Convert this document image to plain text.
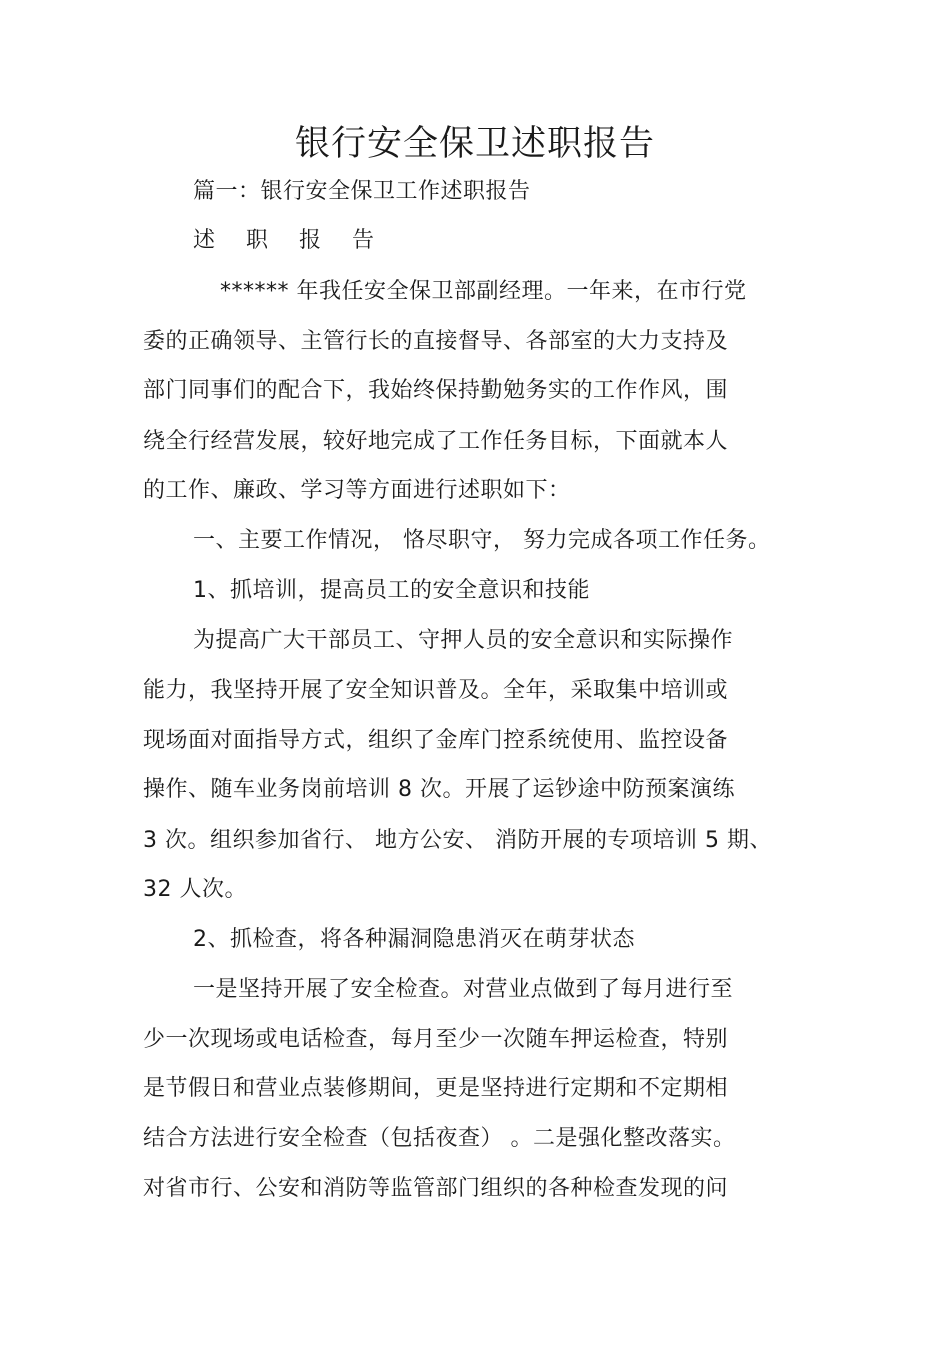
银行安全保卫述职报告
篇一：银行安全保卫工作述职报告
述 职 报 告
****** 年我任安全保卫部副经理。一年来，在市行党
委的正确领导、主管行长的直接督导、各部室的大力支持及
部门同事们的配合下，我始终保持勤勉务实的工作作风，围
绕全行经营发展，较好地完成了工作任务目标，下面就本人
的工作、廉政、学习等方面进行述职如下：
一、主要工作情况， 恪尽职守， 努力完成各项工作任务。
1、抓培训，提高员工的安全意识和技能
为提高广大干部员工、守押人员的安全意识和实际操作
能力，我坚持开展了安全知识普及。全年，采取集中培训或
现场面对面指导方式，组织了金库门控系统使用、监控设备
操作、随车业务岗前培训 8 次。开展了运钞途中防预案演练
3 次。组织参加省行、 地方公安、 消防开展的专项培训 5 期、
32 人次。
2、抓检查，将各种漏洞隐患消灭在萌芽状态
一是坚持开展了安全检查。对营业点做到了每月进行至
少一次现场或电话检查，每月至少一次随车押运检查，特别
是节假日和营业点装修期间，更是坚持进行定期和不定期相
结合方法进行安全检查（包括夜查） 。二是强化整改落实。
对省市行、公安和消防等监管部门组织的各种检查发现的问
